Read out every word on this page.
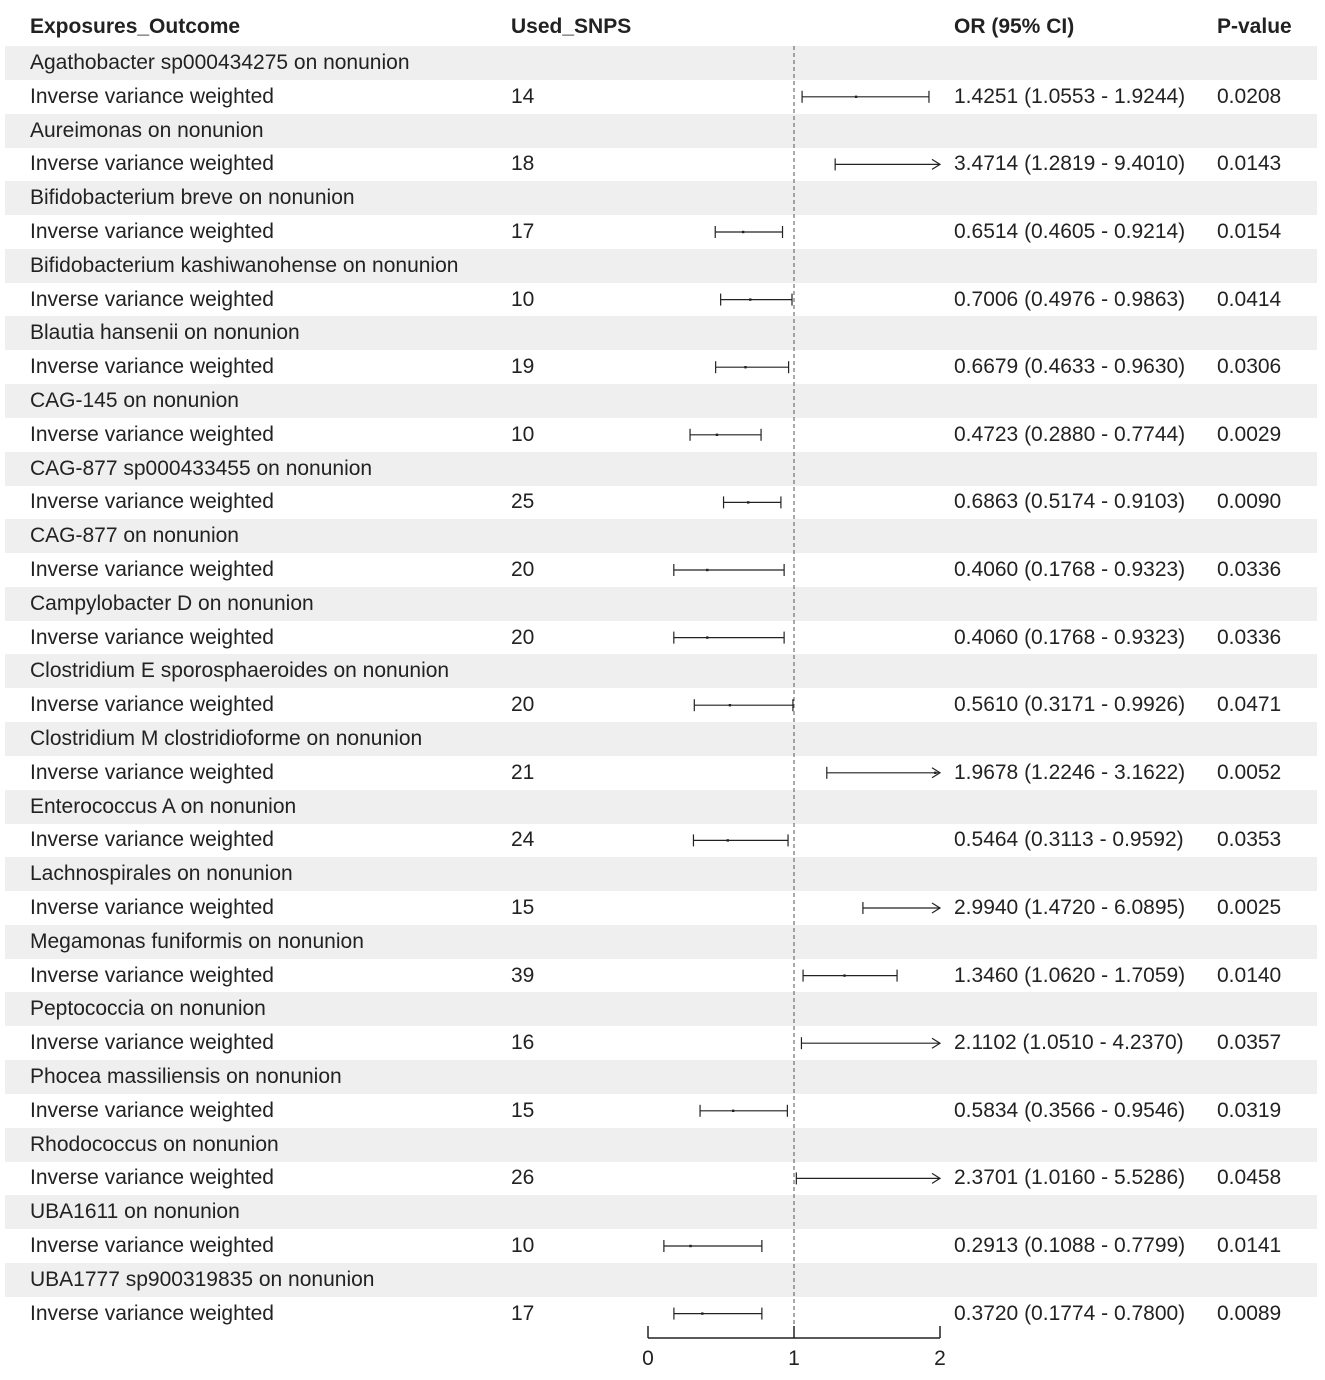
Exposures_Outcome	Used_SNPS	OR (95% CI)	P-value
Agathobacter sp000434275 on nonunion
Inverse variance weighted	14	1.4251 (1.0553 - 1.9244) 0.0208
Aureimonas on nonunion
Inverse variance weighted	18	3.4714 (1.2819 - 9.4010) 0.0143
Bifidobacterium breve on nonunion
Inverse variance weighted	17	0.6514 (0.4605 - 0.9214) 0.0154
Bifidobacterium kashiwanohense on nonunion
Inverse variance weighted	10	0.7006 (0.4976 - 0.9863) 0.0414
Blautia hansenii on nonunion
Inverse variance weighted	19	0.6679 (0.4633 - 0.9630) 0.0306
CAG-145 on nonunion
Inverse variance weighted	10	0.4723 (0.2880 - 0.7744) 0.0029
CAG-877 sp000433455 on nonunion
Inverse variance weighted	25	0.6863 (0.5174 - 0.9103) 0.0090
CAG-877 on nonunion
Inverse variance weighted	20	0.4060 (0.1768 - 0.9323) 0.0336
Campylobacter D on nonunion
Inverse variance weighted	20	0.4060 (0.1768 - 0.9323) 0.0336
Clostridium E sporosphaeroides on nonunion
Inverse variance weighted	20	0.5610 (0.3171 - 0.9926) 0.0471
Clostridium M clostridioforme on nonunion
Inverse variance weighted	21	1.9678 (1.2246 - 3.1622) 0.0052
Enterococcus A on nonunion
Inverse variance weighted	24	0.5464 (0.3113 - 0.9592) 0.0353
Lachnospirales on nonunion
Inverse variance weighted	15	2.9940 (1.4720 - 6.0895) 0.0025
Megamonas funiformis on nonunion
Inverse variance weighted	39	1.3460 (1.0620 - 1.7059) 0.0140
Peptococcia on nonunion
Inverse variance weighted	16	2.1102 (1.0510 - 4.2370) 0.0357
Phocea massiliensis on nonunion
Inverse variance weighted	15	0.5834 (0.3566 - 0.9546) 0.0319
Rhodococcus on nonunion
Inverse variance weighted	26	2.3701 (1.0160 - 5.5286) 0.0458
UBA1611 on nonunion
Inverse variance weighted	10	0.2913 (0.1088 - 0.7799) 0.0141
UBA1777 sp900319835 on nonunion
Inverse variance weighted	17	0.3720 (0.1774 - 0.7800) 0.0089
0	1	2
